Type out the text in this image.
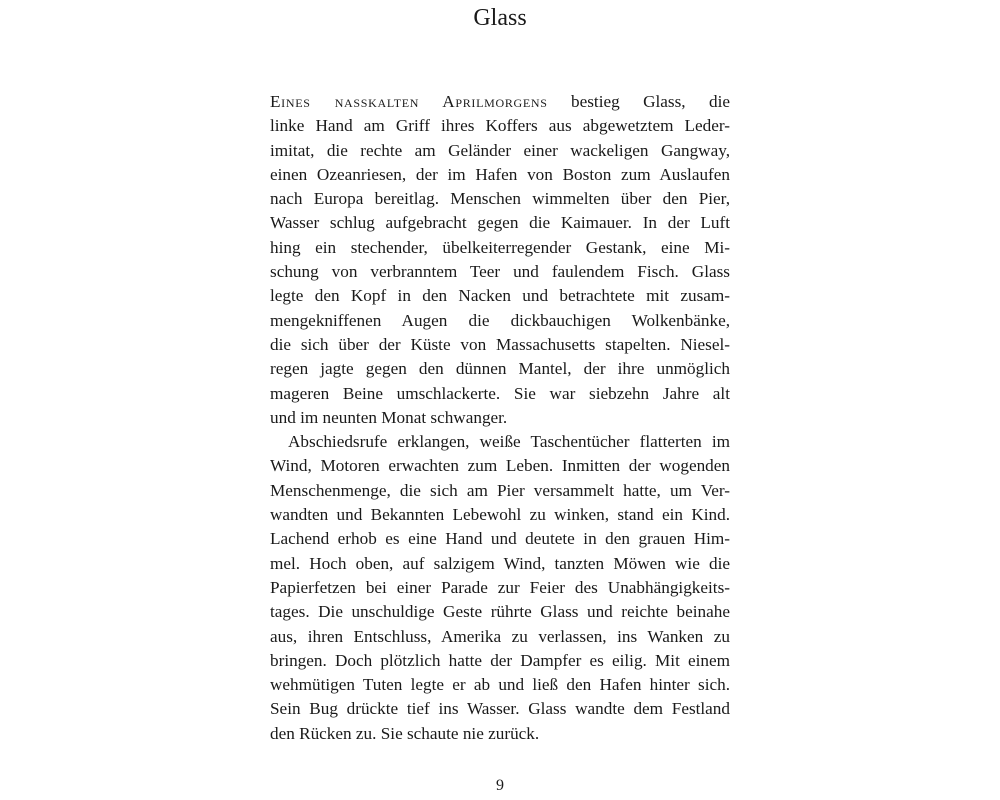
Glass
Eines nasskalten Aprilmorgens bestieg Glass, die
linke Hand am Griff ihres Koffers aus abgewetztem Leder-
imitat, die rechte am Geländer einer wackeligen Gangway,
einen Ozeanriesen, der im Hafen von Boston zum Auslaufen
nach Europa bereitlag. Menschen wimmelten über den Pier,
Wasser schlug aufgebracht gegen die Kaimauer. In der Luft
hing ein stechender, übelkeiterregender Gestank, eine Mi-
schung von verbranntem Teer und faulendem Fisch. Glass
legte den Kopf in den Nacken und betrachtete mit zusam-
mengekniffenen Augen die dickbauchigen Wolkenbänke,
die sich über der Küste von Massachusetts stapelten. Niesel-
regen jagte gegen den dünnen Mantel, der ihre unmöglich
mageren Beine umschlackerte. Sie war siebzehn Jahre alt
und im neunten Monat schwanger.
Abschiedsrufe erklangen, weiße Taschentücher flatterten im
Wind, Motoren erwachten zum Leben. Inmitten der wogenden
Menschenmenge, die sich am Pier versammelt hatte, um Ver-
wandten und Bekannten Lebewohl zu winken, stand ein Kind.
Lachend erhob es eine Hand und deutete in den grauen Him-
mel. Hoch oben, auf salzigem Wind, tanzten Möwen wie die
Papierfetzen bei einer Parade zur Feier des Unabhängigkeits-
tages. Die unschuldige Geste rührte Glass und reichte beinahe
aus, ihren Entschluss, Amerika zu verlassen, ins Wanken zu
bringen. Doch plötzlich hatte der Dampfer es eilig. Mit einem
wehmütigen Tuten legte er ab und ließ den Hafen hinter sich.
Sein Bug drückte tief ins Wasser. Glass wandte dem Festland
den Rücken zu. Sie schaute nie zurück.

9
